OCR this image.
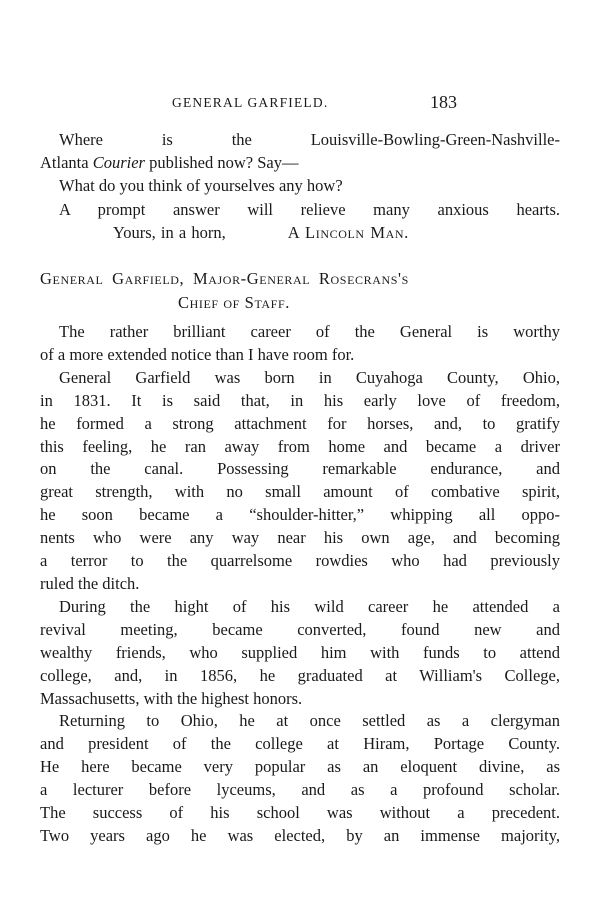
GENERAL GARFIELD.	183
Where is the Louisville-Bowling-Green-Nashville-
Atlanta Courier published now? Say—
What do you think of yourselves any how?
A prompt answer will relieve many anxious hearts.
Yours, in a horn,	A Lincoln Man.
General Garfield, Major-General Rosecrans's
Chief of Staff.
The rather brilliant career of the General is worthy
of a more extended notice than I have room for.
General Garfield was born in Cuyahoga County, Ohio,
in 1831. It is said that, in his early love of freedom,
he formed a strong attachment for horses, and, to gratify
this feeling, he ran away from home and became a driver
on the canal. Possessing remarkable endurance, and
great strength, with no small amount of combative spirit,
he soon became a “shoulder-hitter,” whipping all oppo-
nents who were any way near his own age, and becoming
a terror to the quarrelsome rowdies who had previously
ruled the ditch.
During the hight of his wild career he attended a
revival meeting, became converted, found new and
wealthy friends, who supplied him with funds to attend
college, and, in 1856, he graduated at William's College,
Massachusetts, with the highest honors.
Returning to Ohio, he at once settled as a clergyman
and president of the college at Hiram, Portage County.
He here became very popular as an eloquent divine, as
a lecturer before lyceums, and as a profound scholar.
The success of his school was without a precedent.
Two years ago he was elected, by an immense majority,
